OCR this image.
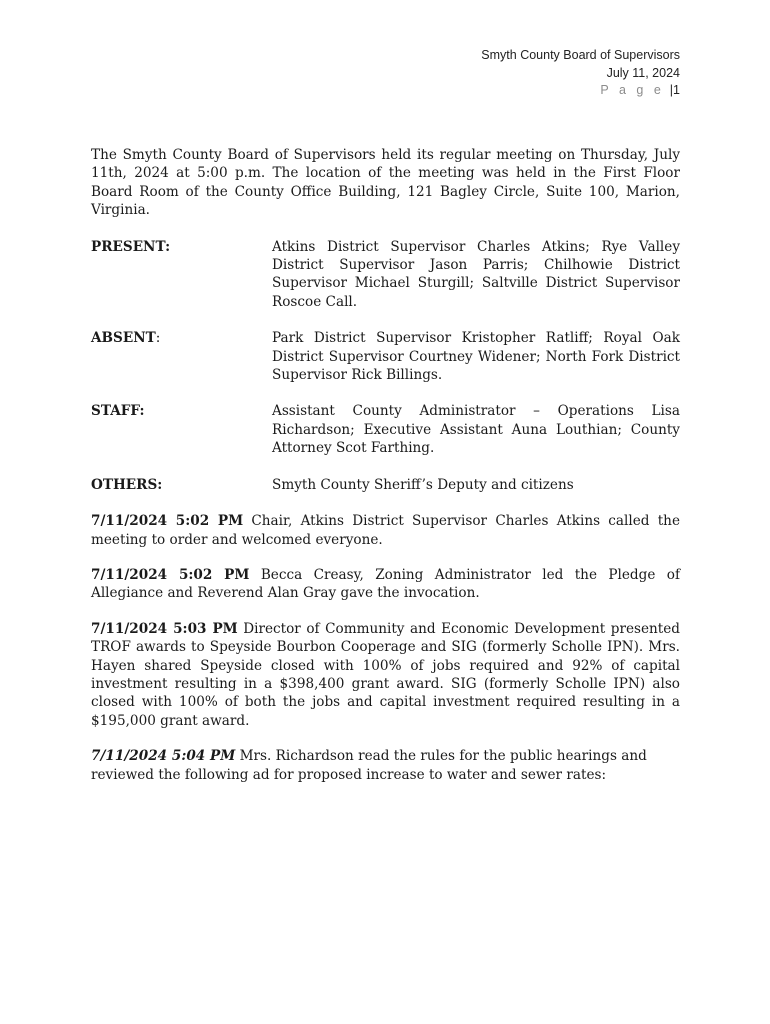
Smyth County Board of Supervisors
July 11, 2024
P a g e |1

The Smyth County Board of Supervisors held its regular meeting on Thursday, July 11th, 2024 at 5:00 p.m. The location of the meeting was held in the First Floor Board Room of the County Office Building, 121 Bagley Circle, Suite 100, Marion, Virginia.

PRESENT:	Atkins District Supervisor Charles Atkins; Rye Valley District Supervisor Jason Parris; Chilhowie District Supervisor Michael Sturgill; Saltville District Supervisor Roscoe Call.
ABSENT:	Park District Supervisor Kristopher Ratliff; Royal Oak District Supervisor Courtney Widener; North Fork District Supervisor Rick Billings.
STAFF:	Assistant County Administrator – Operations Lisa Richardson; Executive Assistant Auna Louthian; County Attorney Scot Farthing.
OTHERS:	Smyth County Sheriff’s Deputy and citizens

7/11/2024 5:02 PM Chair, Atkins District Supervisor Charles Atkins called the meeting to order and welcomed everyone.

7/11/2024 5:02 PM Becca Creasy, Zoning Administrator led the Pledge of Allegiance and Reverend Alan Gray gave the invocation.

7/11/2024 5:03 PM Director of Community and Economic Development presented TROF awards to Speyside Bourbon Cooperage and SIG (formerly Scholle IPN). Mrs. Hayen shared Speyside closed with 100% of jobs required and 92% of capital investment resulting in a $398,400 grant award. SIG (formerly Scholle IPN) also closed with 100% of both the jobs and capital investment required resulting in a $195,000 grant award.

7/11/2024 5:04 PM Mrs. Richardson read the rules for the public hearings and reviewed the following ad for proposed increase to water and sewer rates:
